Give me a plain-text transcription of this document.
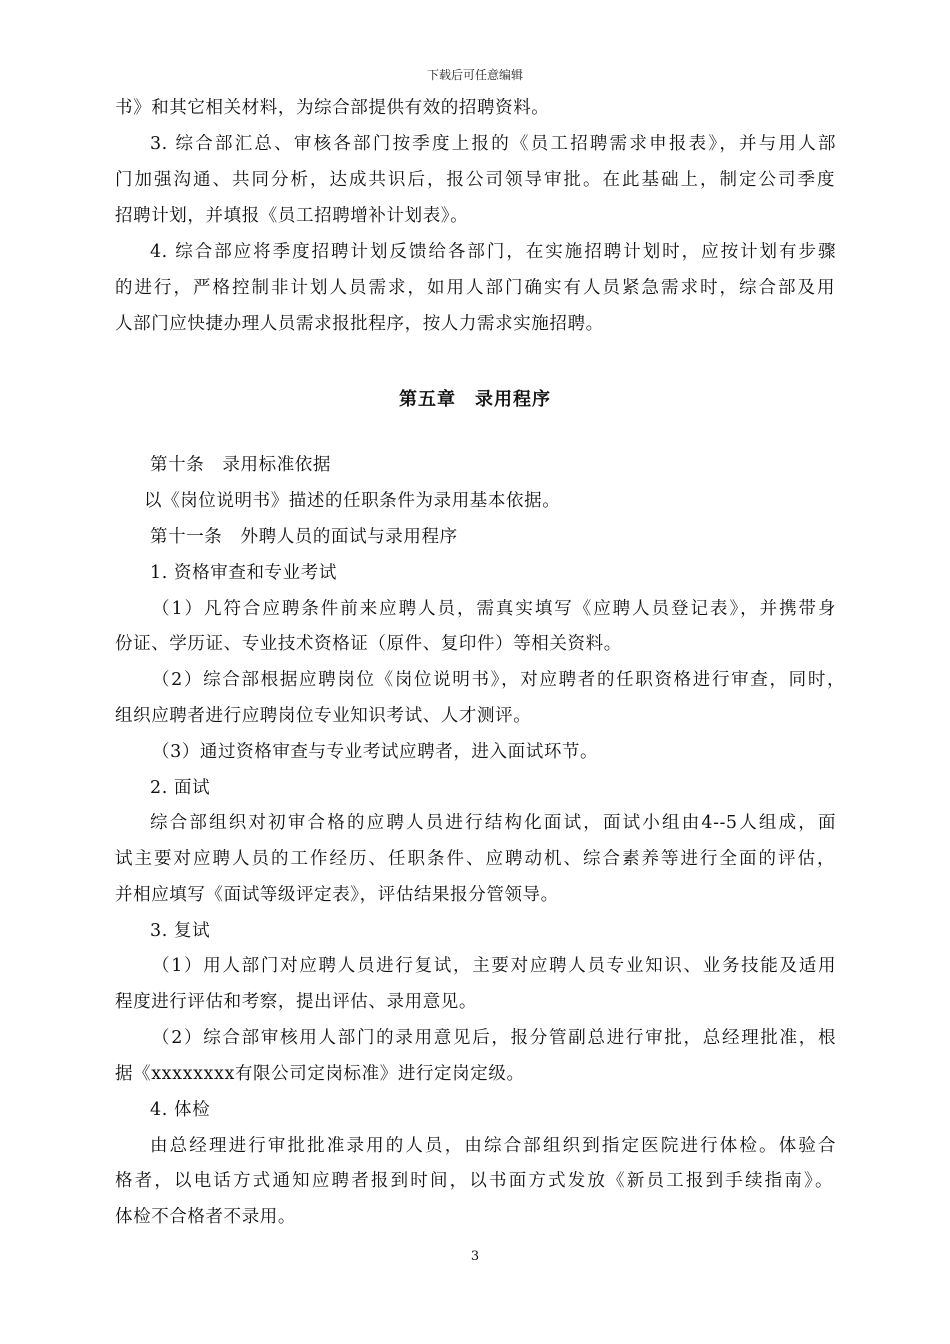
下载后可任意编辑
书》和其它相关材料，为综合部提供有效的招聘资料。
3. 综合部汇总、审核各部门按季度上报的《员工招聘需求申报表》，并与用人部
门加强沟通、共同分析，达成共识后，报公司领导审批。在此基础上，制定公司季度
招聘计划，并填报《员工招聘增补计划表》。
4. 综合部应将季度招聘计划反馈给各部门，在实施招聘计划时，应按计划有步骤
的进行，严格控制非计划人员需求，如用人部门确实有人员紧急需求时，综合部及用
人部门应快捷办理人员需求报批程序，按人力需求实施招聘。
第五章　录用程序
第十条　录用标准依据
以《岗位说明书》描述的任职条件为录用基本依据。
第十一条　外聘人员的面试与录用程序
1. 资格审查和专业考试
（1）凡符合应聘条件前来应聘人员，需真实填写《应聘人员登记表》，并携带身
份证、学历证、专业技术资格证（原件、复印件）等相关资料。
（2）综合部根据应聘岗位《岗位说明书》，对应聘者的任职资格进行审查，同时，
组织应聘者进行应聘岗位专业知识考试、人才测评。
（3）通过资格审查与专业考试应聘者，进入面试环节。
2. 面试
综合部组织对初审合格的应聘人员进行结构化面试，面试小组由4--5人组成，面
试主要对应聘人员的工作经历、任职条件、应聘动机、综合素养等进行全面的评估，
并相应填写《面试等级评定表》，评估结果报分管领导。
3. 复试
（1）用人部门对应聘人员进行复试，主要对应聘人员专业知识、业务技能及适用
程度进行评估和考察，提出评估、录用意见。
（2）综合部审核用人部门的录用意见后，报分管副总进行审批，总经理批准，根
据《xxxxxxxx有限公司定岗标准》进行定岗定级。
4. 体检
由总经理进行审批批准录用的人员，由综合部组织到指定医院进行体检。体验合
格者，以电话方式通知应聘者报到时间，以书面方式发放《新员工报到手续指南》。
体检不合格者不录用。
3
